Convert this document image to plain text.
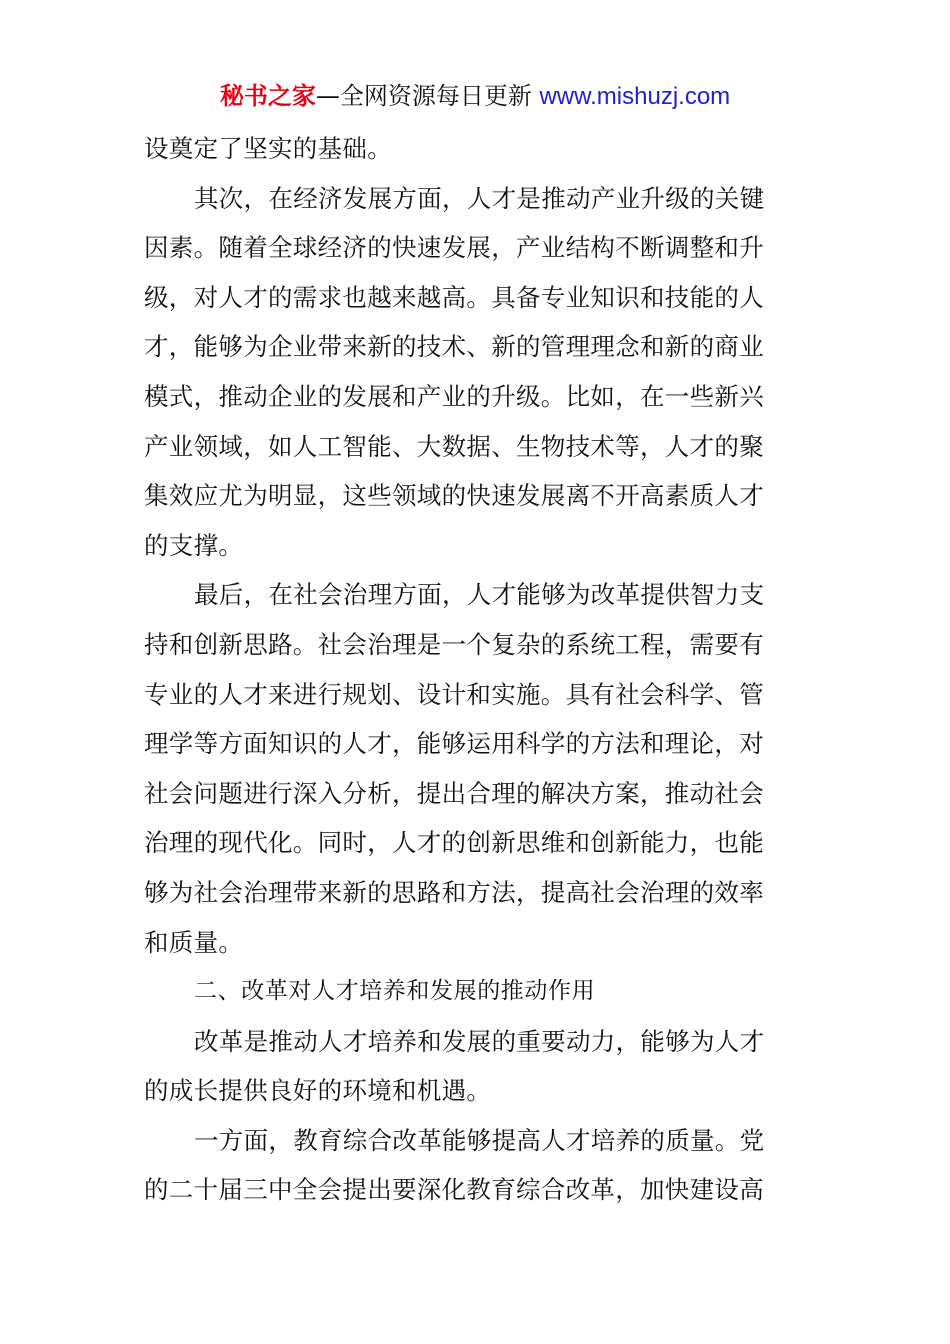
秘书之家—全网资源每日更新 www.mishuzj.com
设奠定了坚实的基础。
其次，在经济发展方面，人才是推动产业升级的关键
因素。随着全球经济的快速发展，产业结构不断调整和升
级，对人才的需求也越来越高。具备专业知识和技能的人
才，能够为企业带来新的技术、新的管理理念和新的商业
模式，推动企业的发展和产业的升级。比如，在一些新兴
产业领域，如人工智能、大数据、生物技术等，人才的聚
集效应尤为明显，这些领域的快速发展离不开高素质人才
的支撑。
最后，在社会治理方面，人才能够为改革提供智力支
持和创新思路。社会治理是一个复杂的系统工程，需要有
专业的人才来进行规划、设计和实施。具有社会科学、管
理学等方面知识的人才，能够运用科学的方法和理论，对
社会问题进行深入分析，提出合理的解决方案，推动社会
治理的现代化。同时，人才的创新思维和创新能力，也能
够为社会治理带来新的思路和方法，提高社会治理的效率
和质量。
二、改革对人才培养和发展的推动作用
改革是推动人才培养和发展的重要动力，能够为人才
的成长提供良好的环境和机遇。
一方面，教育综合改革能够提高人才培养的质量。党
的二十届三中全会提出要深化教育综合改革，加快建设高
